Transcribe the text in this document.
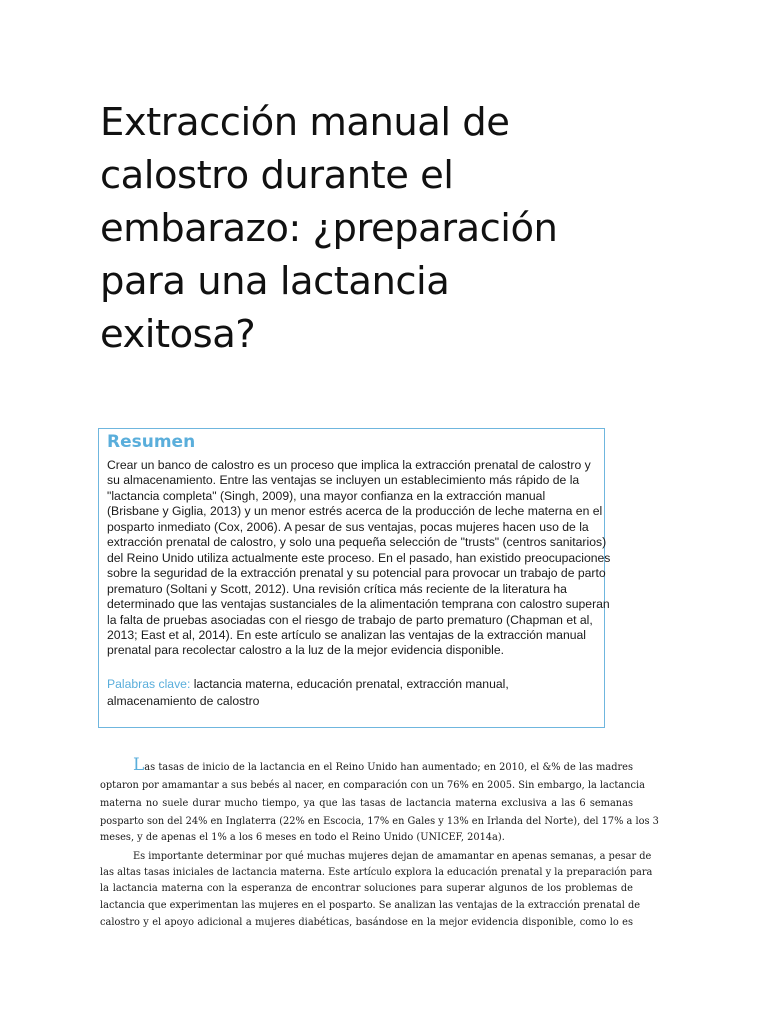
Extracción manual de
calostro durante el
embarazo: ¿preparación
para una lactancia
exitosa?
Resumen
Crear un banco de calostro es un proceso que implica la extracción prenatal de calostro y
su almacenamiento. Entre las ventajas se incluyen un establecimiento más rápido de la
"lactancia completa" (Singh, 2009), una mayor confianza en la extracción manual
(Brisbane y Giglia, 2013) y un menor estrés acerca de la producción de leche materna en el
posparto inmediato (Cox, 2006). A pesar de sus ventajas, pocas mujeres hacen uso de la
extracción prenatal de calostro, y solo una pequeña selección de "trusts" (centros sanitarios)
del Reino Unido utiliza actualmente este proceso. En el pasado, han existido preocupaciones
sobre la seguridad de la extracción prenatal y su potencial para provocar un trabajo de parto
prematuro (Soltani y Scott, 2012). Una revisión crítica más reciente de la literatura ha
determinado que las ventajas sustanciales de la alimentación temprana con calostro superan
la falta de pruebas asociadas con el riesgo de trabajo de parto prematuro (Chapman et al,
2013; East et al, 2014). En este artículo se analizan las ventajas de la extracción manual
prenatal para recolectar calostro a la luz de la mejor evidencia disponible.
Palabras clave: lactancia materna, educación prenatal, extracción manual,
almacenamiento de calostro
Las tasas de inicio de la lactancia en el Reino Unido han aumentado; en 2010, el &% de las madres
optaron por amamantar a sus bebés al nacer, en comparación con un 76% en 2005. Sin embargo, la lactancia
materna no suele durar mucho tiempo, ya que las tasas de lactancia materna exclusiva a las 6 semanas
posparto son del 24% en Inglaterra (22% en Escocia, 17% en Gales y 13% en Irlanda del Norte), del 17% a los 3
meses, y de apenas el 1% a los 6 meses en todo el Reino Unido (UNICEF, 2014a).
Es importante determinar por qué muchas mujeres dejan de amamantar en apenas semanas, a pesar de
las altas tasas iniciales de lactancia materna. Este artículo explora la educación prenatal y la preparación para
la lactancia materna con la esperanza de encontrar soluciones para superar algunos de los problemas de
lactancia que experimentan las mujeres en el posparto. Se analizan las ventajas de la extracción prenatal de
calostro y el apoyo adicional a mujeres diabéticas, basándose en la mejor evidencia disponible, como lo es
